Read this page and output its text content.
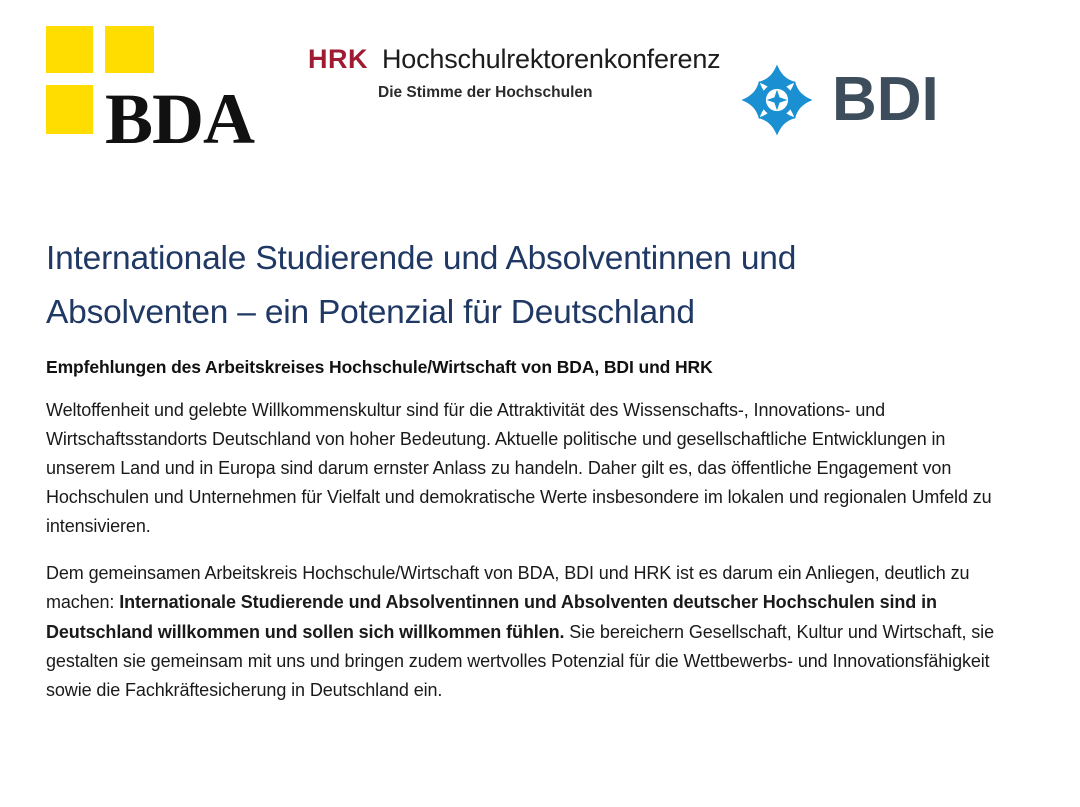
BDA
HRK Hochschulrektorenkonferenz
Die Stimme der Hochschulen	BDI
Internationale Studierende und Absolventinnen und Absolventen – ein Potenzial für Deutschland

Empfehlungen des Arbeitskreises Hochschule/Wirtschaft von BDA, BDI und HRK

Weltoffenheit und gelebte Willkommenskultur sind für die Attraktivität des Wissenschafts-, Innovations- und Wirtschaftsstandorts Deutschland von hoher Bedeutung. Aktuelle politische und gesellschaftliche Entwicklungen in unserem Land und in Europa sind darum ernster Anlass zu handeln. Daher gilt es, das öffentliche Engagement von Hochschulen und Unternehmen für Vielfalt und demokratische Werte insbesondere im lokalen und regionalen Umfeld zu intensivieren.

Dem gemeinsamen Arbeitskreis Hochschule/Wirtschaft von BDA, BDI und HRK ist es darum ein Anliegen, deutlich zu machen: Internationale Studierende und Absolventinnen und Absolventen deutscher Hochschulen sind in Deutschland willkommen und sollen sich willkommen fühlen. Sie bereichern Gesellschaft, Kultur und Wirtschaft, sie gestalten sie gemeinsam mit uns und bringen zudem wertvolles Potenzial für die Wettbewerbs- und Innovationsfähigkeit sowie die Fachkräftesicherung in Deutschland ein.
